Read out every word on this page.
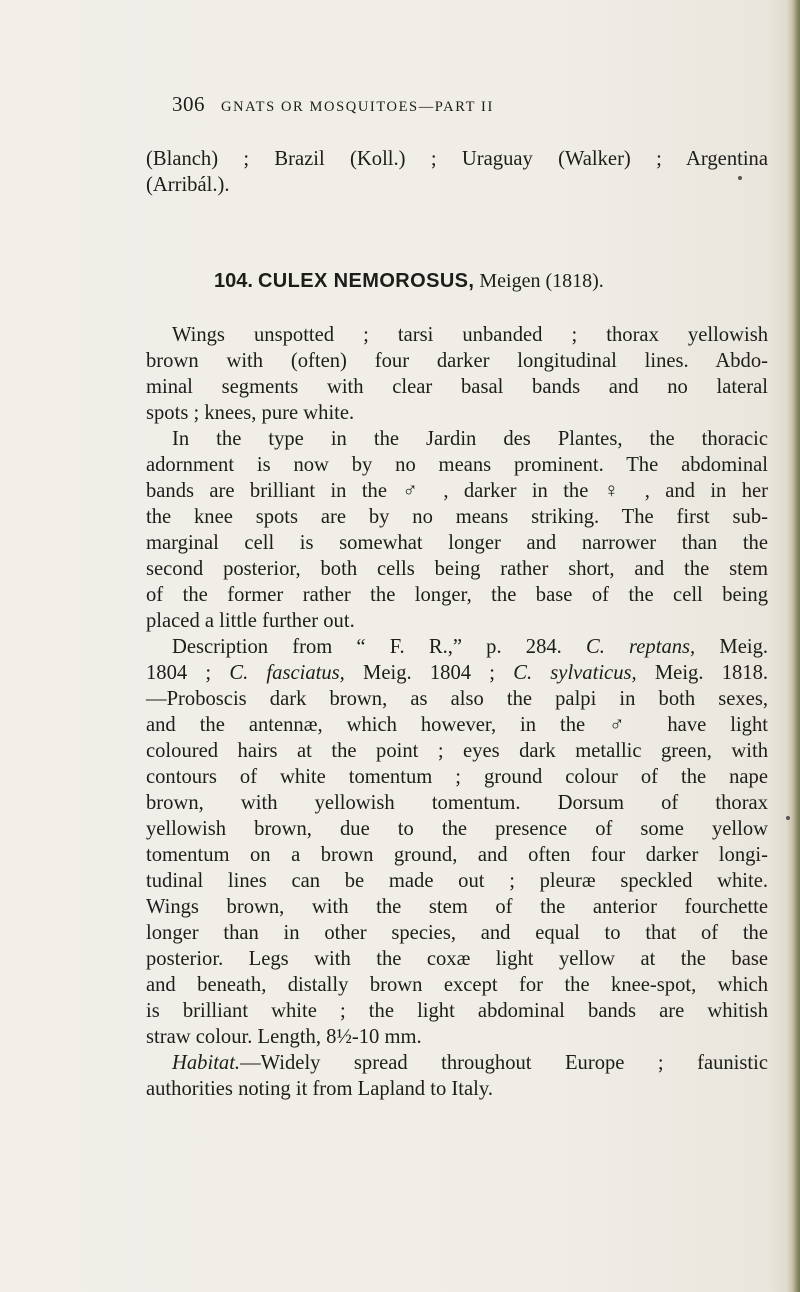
306 GNATS OR MOSQUITOES—PART II
(Blanch) ; Brazil (Koll.) ; Uraguay (Walker) ; Argentina
(Arribál.).
104. CULEX NEMOROSUS, Meigen (1818).
Wings unspotted ; tarsi unbanded ; thorax yellowish
brown with (often) four darker longitudinal lines. Abdo-
minal segments with clear basal bands and no lateral
spots ; knees, pure white.
In the type in the Jardin des Plantes, the thoracic
adornment is now by no means prominent. The abdominal
bands are brilliant in the ♂ , darker in the ♀ , and in her
the knee spots are by no means striking. The first sub-
marginal cell is somewhat longer and narrower than the
second posterior, both cells being rather short, and the stem
of the former rather the longer, the base of the cell being
placed a little further out.
Description from “ F. R.,” p. 284. C. reptans, Meig.
1804 ; C. fasciatus, Meig. 1804 ; C. sylvaticus, Meig. 1818.
—Proboscis dark brown, as also the palpi in both sexes,
and the antennæ, which however, in the ♂ have light
coloured hairs at the point ; eyes dark metallic green, with
contours of white tomentum ; ground colour of the nape
brown, with yellowish tomentum. Dorsum of thorax
yellowish brown, due to the presence of some yellow
tomentum on a brown ground, and often four darker longi-
tudinal lines can be made out ; pleuræ speckled white.
Wings brown, with the stem of the anterior fourchette
longer than in other species, and equal to that of the
posterior. Legs with the coxæ light yellow at the base
and beneath, distally brown except for the knee-spot, which
is brilliant white ; the light abdominal bands are whitish
straw colour. Length, 8½-10 mm.
Habitat.—Widely spread throughout Europe ; faunistic
authorities noting it from Lapland to Italy.
